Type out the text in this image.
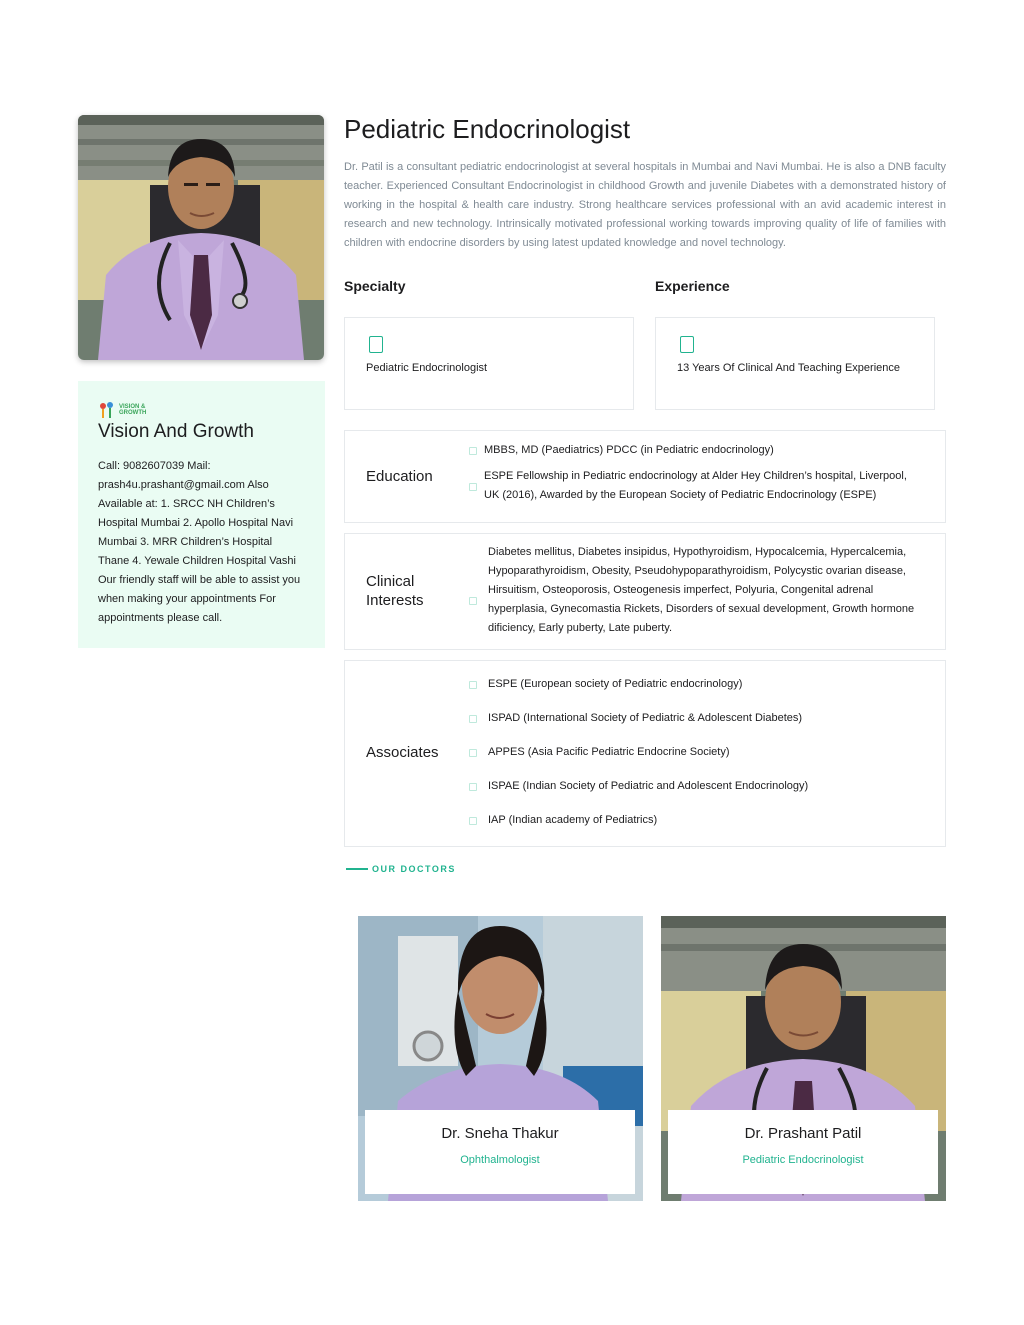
VISION &
GROWTH
Vision And Growth
Call: 9082607039 Mail: prash4u.prashant@gmail.com Also Available at: 1. SRCC NH Children’s Hospital Mumbai 2. Apollo Hospital Navi Mumbai 3. MRR Children’s Hospital Thane 4. Yewale Children Hospital Vashi Our friendly staff will be able to assist you when making your appointments For appointments please call.
Pediatric Endocrinologist

Dr. Patil is a consultant pediatric endocrinologist at several hospitals in Mumbai and Navi Mumbai. He is also a DNB faculty teacher. Experienced Consultant Endocrinologist in childhood Growth and juvenile Diabetes with a demonstrated history of working in the hospital & health care industry. Strong healthcare services professional with an avid academic interest in research and new technology. Intrinsically motivated professional working towards improving quality of life of families with children with endocrine disorders by using latest updated knowledge and novel technology.

Specialty	Experience
Pediatric Endocrinologist	13 Years Of Clinical And Teaching Experience
Education
MBBS, MD (Paediatrics) PDCC (in Pediatric endocrinology)
ESPE Fellowship in Pediatric endocrinology at Alder Hey Children’s hospital, Liverpool, UK (2016), Awarded by the European Society of Pediatric Endocrinology (ESPE)
Clinical
Interests
Diabetes mellitus, Diabetes insipidus, Hypothyroidism, Hypocalcemia, Hypercalcemia, Hypoparathyroidism, Obesity, Pseudohypoparathyroidism, Polycystic ovarian disease, Hirsuitism, Osteoporosis, Osteogenesis imperfect, Polyuria, Congenital adrenal hyperplasia, Gynecomastia Rickets, Disorders of sexual development, Growth hormone dificiency, Early puberty, Late puberty.
Associates
ESPE (European society of Pediatric endocrinology)
ISPAD (International Society of Pediatric & Adolescent Diabetes)
APPES (Asia Pacific Pediatric Endocrine Society)
ISPAE (Indian Society of Pediatric and Adolescent Endocrinology)
IAP (Indian academy of Pediatrics)
OUR DOCTORS
Dr. Sneha Thakur
Ophthalmologist
Dr. Prashant Patil
Pediatric Endocrinologist
